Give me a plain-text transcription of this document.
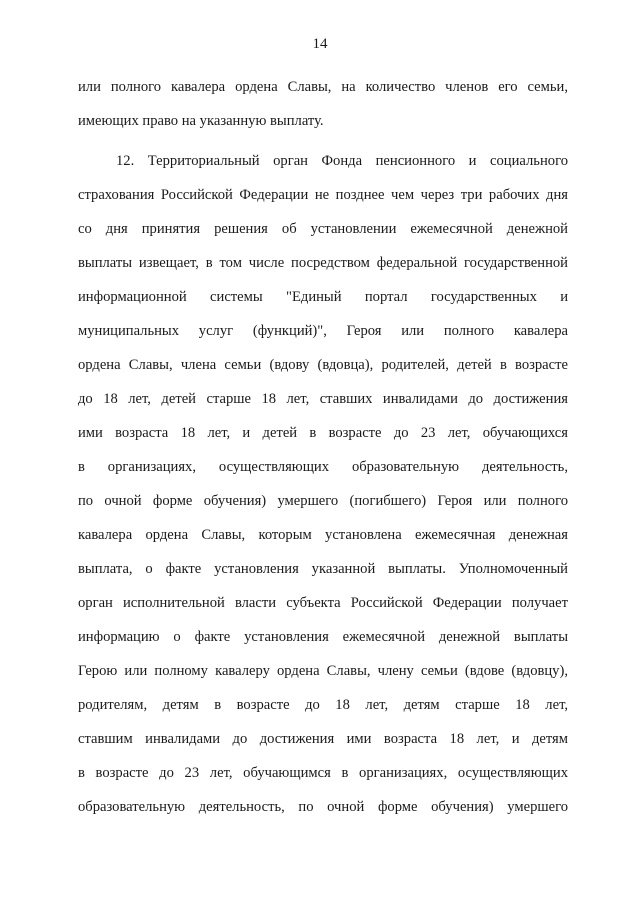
14
или полного кавалера ордена Славы, на количество членов его семьи,
имеющих право на указанную выплату.
12. Территориальный орган Фонда пенсионного и социального
страхования Российской Федерации не позднее чем через три рабочих дня
со дня принятия решения об установлении ежемесячной денежной
выплаты извещает, в том числе посредством федеральной государственной
информационной системы "Единый портал государственных и
муниципальных услуг (функций)", Героя или полного кавалера
ордена Славы, члена семьи (вдову (вдовца), родителей, детей в возрасте
до 18 лет, детей старше 18 лет, ставших инвалидами до достижения
ими возраста 18 лет, и детей в возрасте до 23 лет, обучающихся
в организациях, осуществляющих образовательную деятельность,
по очной форме обучения) умершего (погибшего) Героя или полного
кавалера ордена Славы, которым установлена ежемесячная денежная
выплата, о факте установления указанной выплаты. Уполномоченный
орган исполнительной власти субъекта Российской Федерации получает
информацию о факте установления ежемесячной денежной выплаты
Герою или полному кавалеру ордена Славы, члену семьи (вдове (вдовцу),
родителям, детям в возрасте до 18 лет, детям старше 18 лет,
ставшим инвалидами до достижения ими возраста 18 лет, и детям
в возрасте до 23 лет, обучающимся в организациях, осуществляющих
образовательную деятельность, по очной форме обучения) умершего
